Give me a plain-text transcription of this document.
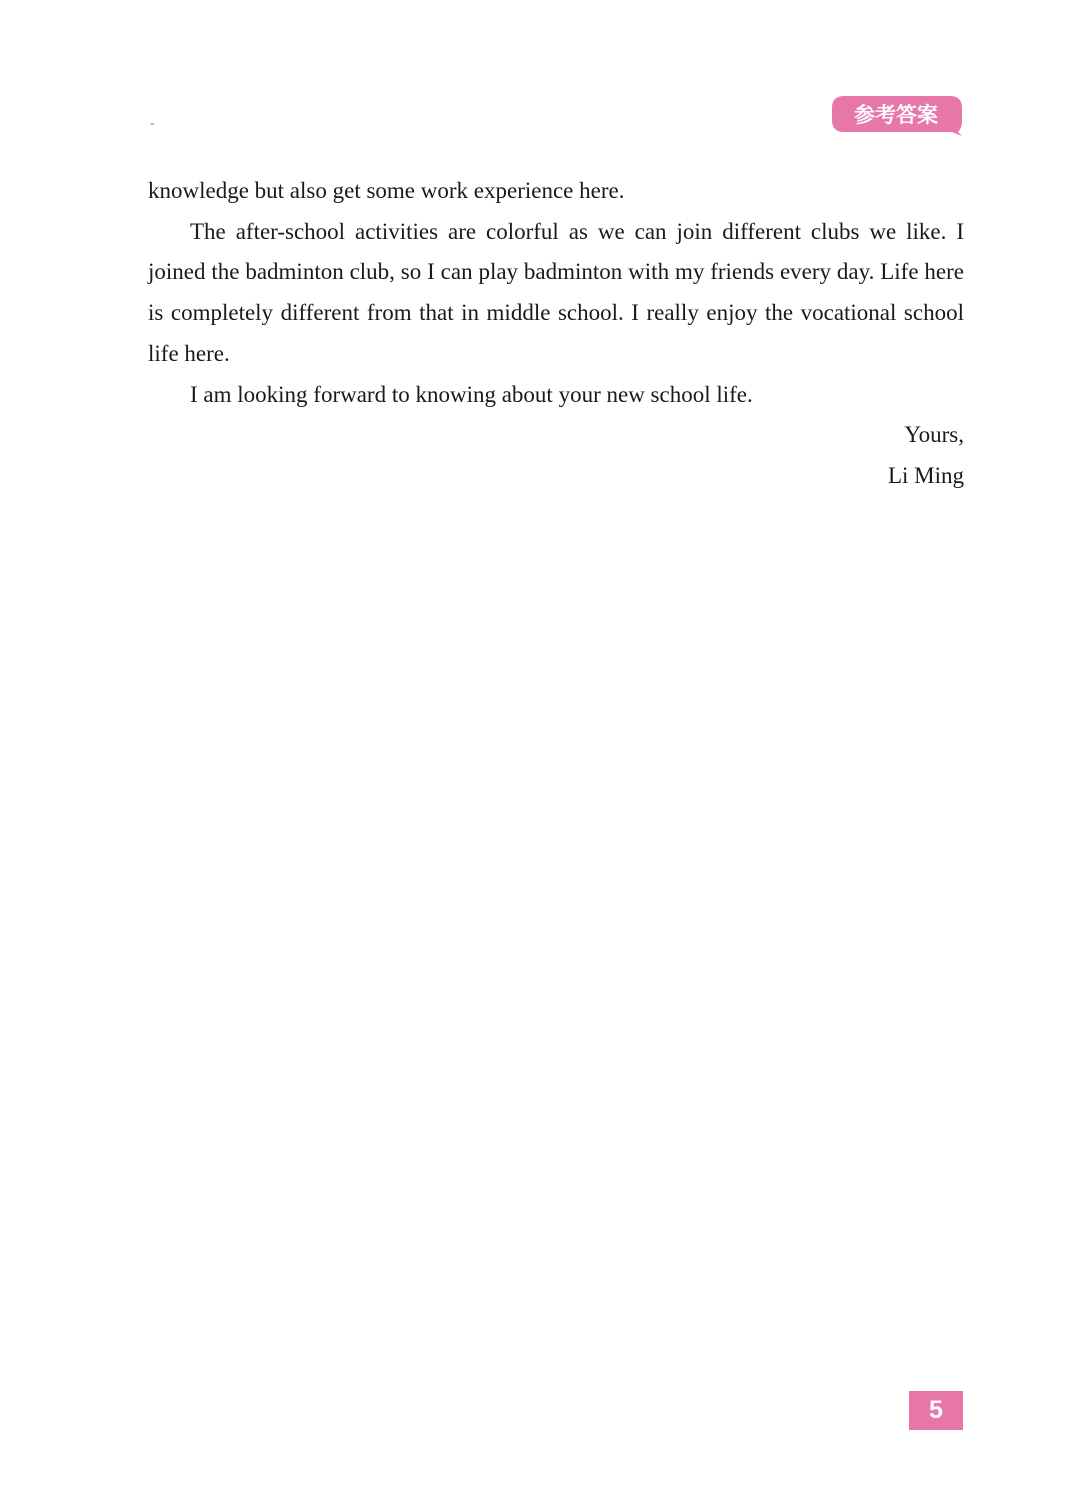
-	参考答案

knowledge but also get some work experience here.

The after-school activities are colorful as we can join different clubs we like. I joined the badminton club, so I can play badminton with my friends every day. Life here is completely different from that in middle school. I really enjoy the vocational school life here.

I am looking forward to knowing about your new school life.

Yours,

Li Ming

5
